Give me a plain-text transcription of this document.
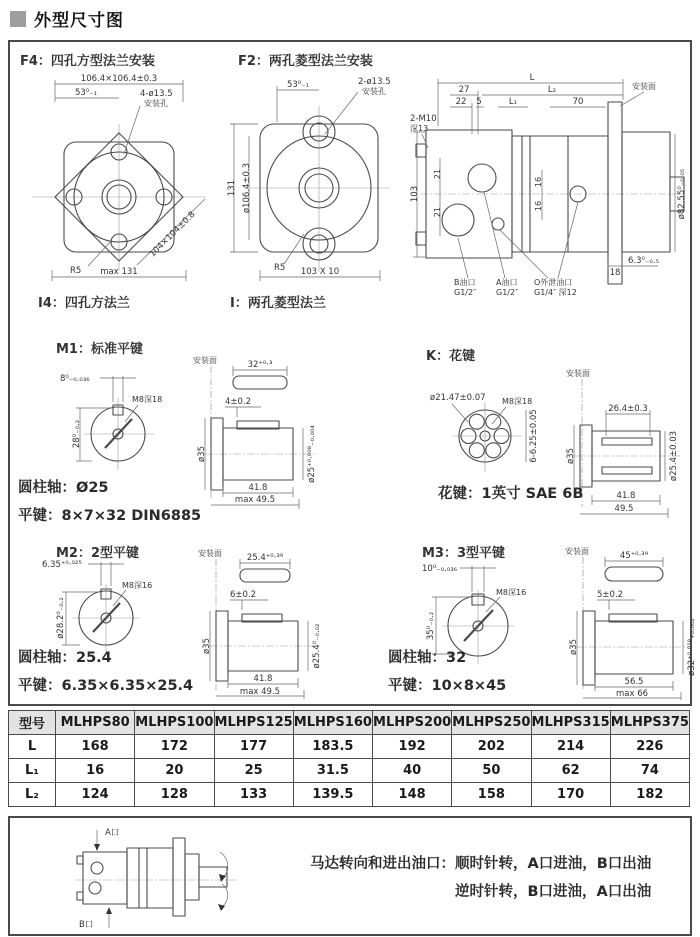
外型尺寸图
F4：四孔方型法兰安装	F2：两孔菱型法兰安装
106.4×106.4±0.3
53⁰₋₁	4-ø13.5
安装孔
104×104±0.8
R5 max 131
53⁰₋₁	2-ø13.5
安装孔
131 ø106.4±0.3
R5 103 X 10
L
27	L₂
22 5	L₁	70
安装面
2-M10
深13
103
21
21
16
16	ø82.55⁰₋₀.₀₅
18
6.3⁰₋₀.₅
B油口
G1/2″
A油口
G1/2″
O外泄油口
G1/4″ 深12
I4：四孔方法兰	I：两孔菱型法兰
M1：标准平键	K：花键
8⁰₋₀.₀₃₆
M8深18
28⁰₋₀.₂
安装面	32⁺⁰·³
4±0.2
ø35	ø25⁺⁰·⁰⁰⁸₋₀.₀₀₄
41.8
max 49.5
圆柱轴：Ø25
平键：8×7×32 DIN6885
ø21.47±0.07 M8深18
6-6.25±0.05
安装面
26.4±0.3
ø35	ø25.4±0.03
41.8
49.5
花键：1英寸 SAE 6B
M2：2型平键	M3：3型平键
6.35⁺⁰·⁰²⁵
M8深16
ø28.2⁰₋₀.₂
安装面	25.4⁺⁰·³⁹
6±0.2
ø35	ø25.4⁰₋₀.₀₂
41.8
max 49.5
圆柱轴：25.4
平键：6.35×6.35×25.4
10⁰₋₀.₀₃₆
M8深16
35⁰₋₀.₂
安装面	45⁺⁰·³⁹
5±0.2
ø35	ø32⁺⁰·⁰¹⁸₊₀.₀₀₂
56.5
max 66
圆柱轴：32
平键：10×8×45
型号	MLHPS80	MLHPS100	MLHPS125	MLHPS160	MLHPS200	MLHPS250	MLHPS315	MLHPS375
L	168	172	177	183.5	192	202	214	226
L₁	16	20	25	31.5	40	50	62	74
L₂	124	128	133	139.5	148	158	170	182
A口
B口
马达转向和进出油口：顺时针转，A口进油，B口出油
逆时针转，B口进油，A口出油
